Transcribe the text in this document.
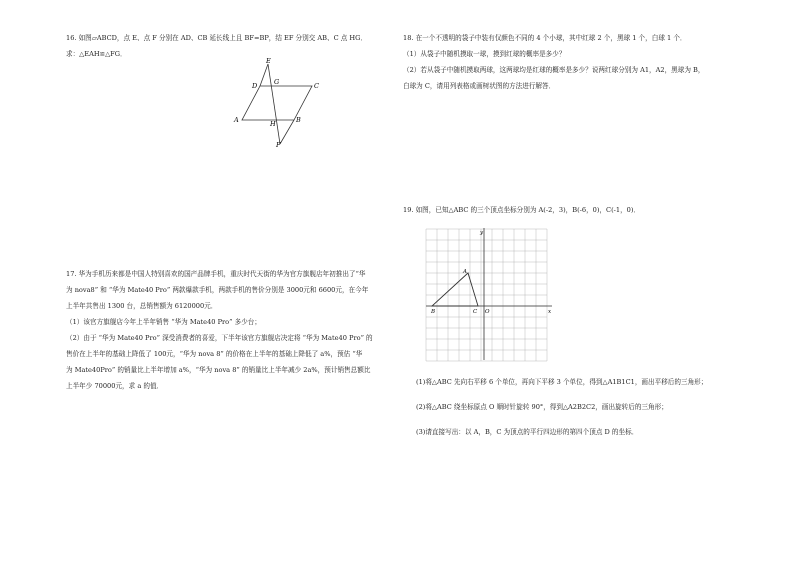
16. 如图▱ABCD，点 E、点 F 分别在 AD、CB 延长线上且 BF=BP，结 EF 分别交 AB、C 点 HG．
求：△EAH≌△FG．
E
D	G	C
A	H	B
F
17. 华为手机历来都是中国人特别喜欢的国产品牌手机，重庆时代天街的华为官方旗舰店年初推出了“华
为 nova8” 和 “华为 Mate40 Pro” 两款爆款手机，两款手机的售价分别是 3000元和 6600元，在今年
上半年共售出 1300 台，总销售额为 6120000元．
（1）该官方旗舰店今年上半年销售 “华为 Mate40 Pro” 多少台；
（2）由于 “华为 Mate40 Pro” 深受消费者的喜爱，下半年该官方旗舰店决定将 “华为 Mate40 Pro” 的
售价在上半年的基础上降低了 100元，“华为 nova 8” 的价格在上半年的基础上降低了 a%，预估 “华
为 Mate40Pro” 的销量比上半年增加 a%，“华为 nova 8” 的销量比上半年减少 2a%，预计销售总额比
上半年少 70000元，求 a 的值．
18. 在一个不透明的袋子中装有仅颜色不同的 4 个小球，其中红球 2 个，黑球 1 个，白球 1 个．
（1）从袋子中随机摸取一球，摸到红球的概率是多少？
（2）若从袋子中随机摸取两球，这两球均是红球的概率是多少？说两红球分别为 A1，A2，黑球为 B，
白球为 C，请用列表格或画树状图的方法进行解答．
19. 如图，已知△ABC 的三个顶点坐标分别为 A(-2，3)，B(-6，0)，C(-1，0)．
y
x
A
B	C O
(1)将△ABC 先向右平移 6 个单位，再向下平移 3 个单位，得到△A1B1C1，画出平移后的三角形；
(2)将△ABC 绕坐标原点 O 顺时针旋转 90°，得到△A2B2C2，画出旋转后的三角形；
(3)请直接写出：以 A，B，C 为顶点的平行四边形的第四个顶点 D 的坐标．
